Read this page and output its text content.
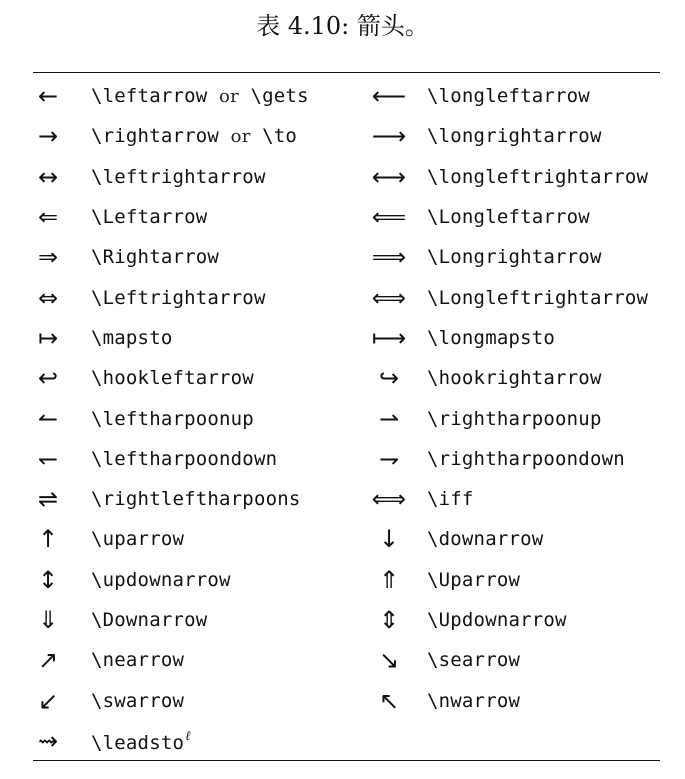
表 4.10: 箭头。
←		\leftarrow or \gets	⟵		\longleftarrow
→		\rightarrow or \to	⟶		\longrightarrow
↔		\leftrightarrow	⟷		\longleftrightarrow
⇐		\Leftarrow	⟸		\Longleftarrow
⇒		\Rightarrow	⟹		\Longrightarrow
⇔		\Leftrightarrow	⟺		\Longleftrightarrow
↦		\mapsto	⟼		\longmapsto
↩		\hookleftarrow	↪		\hookrightarrow
↼		\leftharpoonup	⇀		\rightharpoonup
↽		\leftharpoondown	⇁		\rightharpoondown
⇌		\rightleftharpoons	⟺		\iff
↑		\uparrow	↓		\downarrow
↕		\updownarrow	⇑		\Uparrow
⇓		\Downarrow	⇕		\Updownarrow
↗		\nearrow	↘		\searrow
↙		\swarrow	↖		\nwarrow
⇝		\leadsto$^\ell$			
